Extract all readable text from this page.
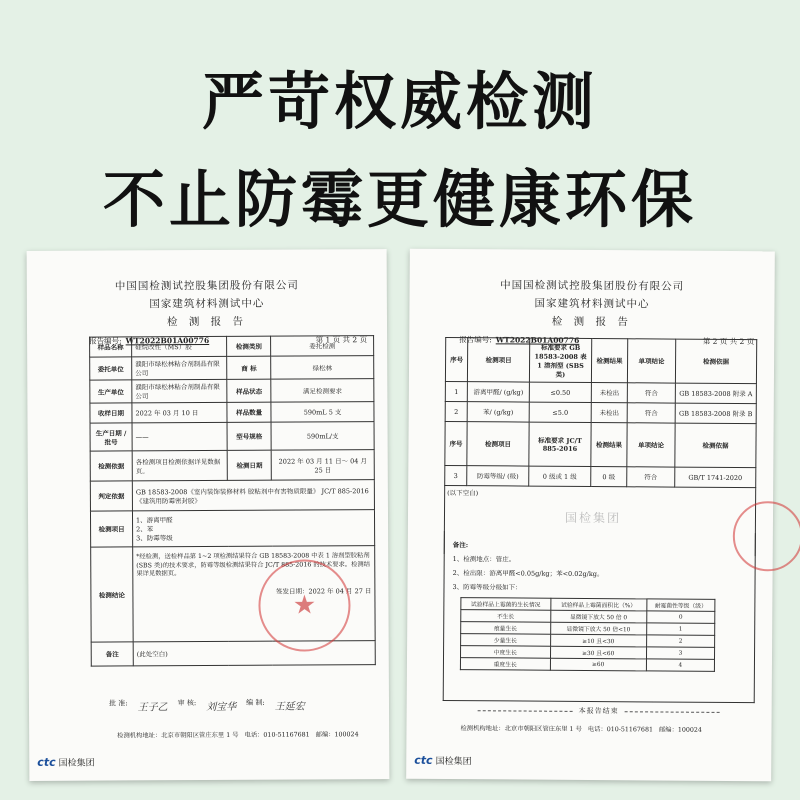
严苛权威检测
不止防霉更健康环保
中国国检测试控股集团股份有限公司
国家建筑材料测试中心
检 测 报 告
报告编号: WT2022B01A00776	第 1 页 共 2 页
样品名称	硅烷改性（MS）胶	检测类别	委托检测
委托单位	濮阳市绿松林粘合剂制品有限公司	商 标	绿松林
生产单位	濮阳市绿松林粘合剂制品有限公司	样品状态	满足检测要求
收样日期	2022 年 03 月 10 日	样品数量	590mL 5 支
生产日期 /批号	——	型号规格	590mL/支
检测依据	各检测项目检测依据详见数据页。	检测日期	2022 年 03 月 11 日～ 04 月 25 日
判定依据	GB 18583-2008《室内装饰装修材料 胶粘剂中有害物质限量》 JC/T 885-2016《建筑用防霉密封胶》		
检测项目	1、游离甲醛
2、苯
3、防霉等级		

检测结论	*经检测，送检样品第 1~2 项检测结果符合 GB 18583-2008 中表 1 溶剂型胶粘剂(SBS 类)的技术要求，防霉等级检测结果符合 JC/T 885-2016 的技术要求。检测结果详见数据页。
签发日期：2022 年 04 月 27 日		

备注	(此处空白)		
★
批 准: 王子乙 审 核: 刘宝华 编 制: 王延宏
检测机构地址：北京市朝阳区管庄东里 1 号 电话：010-51167681 邮编：100024
ctc 国检集团
中国国检测试控股集团股份有限公司
国家建筑材料测试中心
检 测 报 告
报告编号: WT2022B01A00776	第 2 页 共 2 页
序号	检测项目	标准要求 GB 18583-2008 表 1 溶剂型 (SBS 类)	检测结果	单项结论	检测依据
1	游离甲醛/ (g/kg)	≤0.50	未检出	符合	GB 18583-2008 附录 A
2	苯/ (g/kg)	≤5.0	未检出	符合	GB 18583-2008 附录 B
序号	检测项目	标准要求 JC/T 885-2016	检测结果	单项结论	检测依据
3	防霉等级/ (级)	0 级或 1 级	0 级	符合	GB/T 1741-2020
(以下空白)
国检集团					

备注:

1、检测地点：管庄。

2、检出限：游离甲醛<0.05g/kg；苯<0.02g/kg。

3、防霉等级分级如下：

试验样品上霉菌的生长情况	试验样品上霉菌面积比（%）	耐霉菌性等级（级）
不生长	显微镜下放大 50 倍 0	0
痕量生长	显微镜下放大 50 倍<10	1
少量生长	≥10 且<30	2
中度生长	≥30 且<60	3
重度生长	≥60	4
本报告结束
检测机构地址：北京市朝阳区管庄东里 1 号 电话：010-51167681 邮编：100024
ctc 国检集团
